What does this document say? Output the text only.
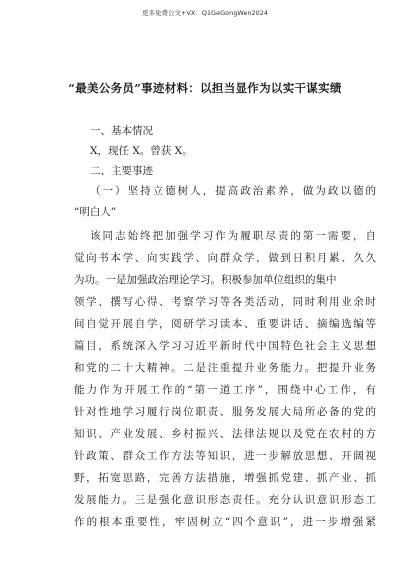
更多免费公文+VX：Q1GeGongWen2024
“最美公务员”事迹材料：以担当显作为以实干谋实绩
一、基本情况
X，现任 X。曾获 X。
二、主要事迹
（一）坚持立德树人，提高政治素养，做为政以德的
“明白人”
该同志始终把加强学习作为履职尽责的第一需要，自
觉向书本学、向实践学、向群众学，做到日积月累、久久
为功。一是加强政治理论学习。积极参加单位组织的集中
领学、撰写心得、考察学习等各类活动，同时利用业余时
间自觉开展自学，阅研学习读本、重要讲话、摘编选编等
篇目，系统深入学习习近平新时代中国特色社会主义思想
和党的二十大精神。二是注重提升业务能力。把提升业务
能力作为开展工作的“第一道工序”，围绕中心工作，有
针对性地学习履行岗位职责、服务发展大局所必备的党的
知识、产业发展、乡村振兴、法律法规以及党在农村的方
针政策、群众工作方法等知识，进一步解放思想、开阔视
野，拓宽思路，完善方法措施，增强抓党建、抓产业、抓
发展能力。三是强化意识形态责任。充分认识意识形态工
作的根本重要性，牢固树立“四个意识”，进一步增强紧
